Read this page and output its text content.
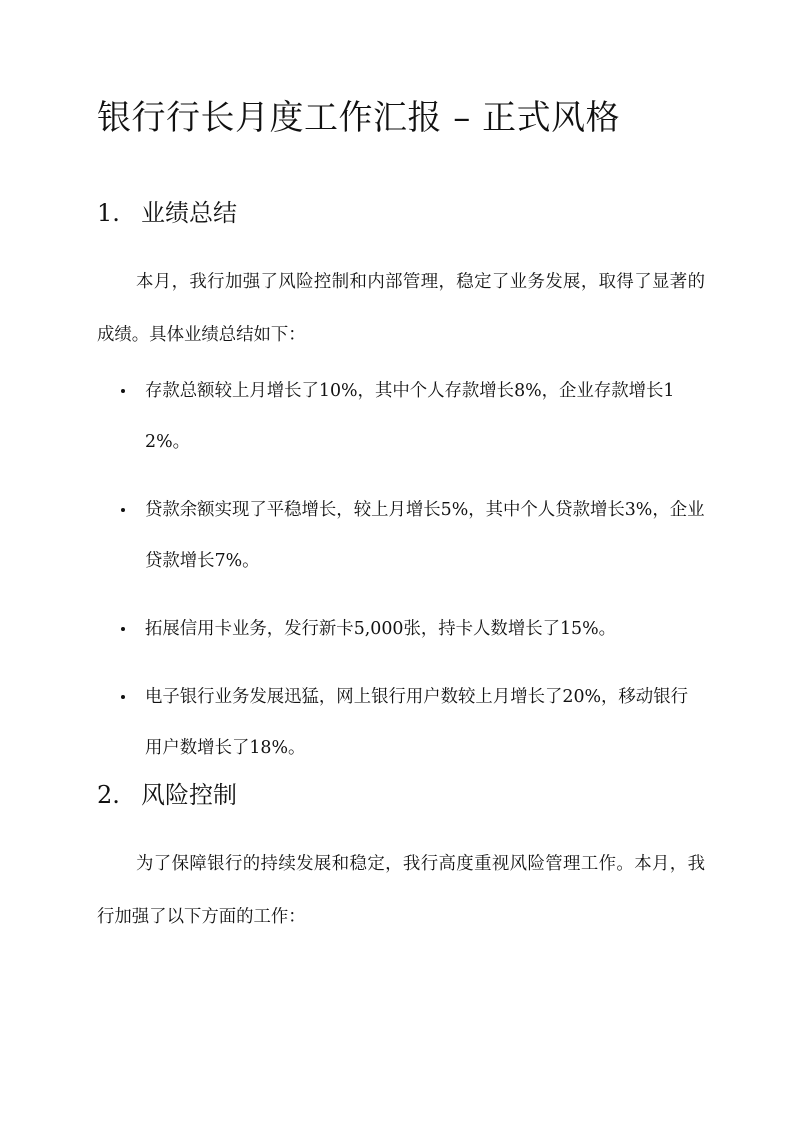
银行行长月度工作汇报 – 正式风格
1. 业绩总结

本月，我行加强了风险控制和内部管理，稳定了业务发展，取得了显著的成绩。具体业绩总结如下：

存款总额较上月增长了10%，其中个人存款增长8%，企业存款增长12%。
贷款余额实现了平稳增长，较上月增长5%，其中个人贷款增长3%，企业贷款增长7%。
拓展信用卡业务，发行新卡5,000张，持卡人数增长了15%。
电子银行业务发展迅猛，网上银行用户数较上月增长了20%，移动银行用户数增长了18%。
2. 风险控制

为了保障银行的持续发展和稳定，我行高度重视风险管理工作。本月，我行加强了以下方面的工作：
